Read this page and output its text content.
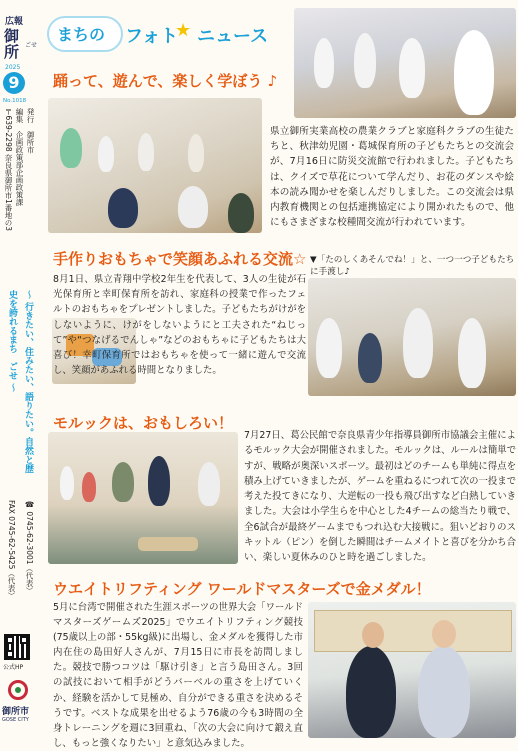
広報
御所 ごせ
2025
9
No.1018
発行 御所市
編集 企画政策部企画政策課
〒639-2298 奈良県御所市1番地の3
〜 行きたい、住みたい、語りたい。自然と歴史を誇れるまち　ごせ 〜
☎ 0745-62-3001（代表）
FAX 0745-62-5425（代表）
公式HP
御所市
GOSE CITY
まちの フォト
★ ニュース
踊って、遊んで、楽しく学ぼう ♪
県立御所実業高校の農業クラブと家庭科クラブの生徒たちと、秋津幼児園・葛城保育所の子どもたちとの交流会が、7月16日に防災交流館で行われました。子どもたちは、クイズで草花について学んだり、お花のダンスや絵本の読み聞かせを楽しんだりしました。この交流会は県内教育機関との包括連携協定により開かれたもので、他にもさまざまな校種間交流が行われています。
手作りおもちゃで笑顔あふれる交流☆ ▼「たのしくあそんでね！」と、一つ一つ子どもたちに手渡し♪
8月1日、県立青翔中学校2年生を代表して、3人の生徒が石光保育所と幸町保育所を訪れ、家庭科の授業で作ったフェルトのおもちゃをプレゼントしました。子どもたちがけがをしないように、けがをしないようにと工夫された“ねじって”や“つなげるでんしゃ”などのおもちゃに子どもたちは大喜び！幸町保育所ではおもちゃを使って一緒に遊んで交流し、笑顔があふれる時間となりました。
モルックは、おもしろい！
7月27日、葛公民館で奈良県青少年指導員御所市協議会主催によるモルック大会が開催されました。モルックは、ルールは簡単ですが、戦略が奥深いスポーツ。最初はどのチームも単純に得点を積み上げていきましたが、ゲームを重ねるにつれて次の一投まで考えた投てきになり、大逆転の一投も飛び出すなど白熱していきました。大会は小学生らを中心とした4チームの総当たり戦で、全6試合が最終ゲームまでもつれ込む大接戦に。狙いどおりのスキットル（ピン）を倒した瞬間はチームメイトと喜びを分かち合い、楽しい夏休みのひと時を過ごしました。
ウエイトリフティング ワールドマスターズで金メダル！
5月に台湾で開催された生涯スポーツの世界大会「ワールドマスターズゲームズ2025」でウエイトリフティング競技(75歳以上の部・55kg級)に出場し、金メダルを獲得した市内在住の島田好人さんが、7月15日に市長を訪問しました。競技で勝つコツは「駆け引き」と言う島田さん。3回の試技において相手がどうバーベルの重さを上げていくか、経験を活かして見極め、自分ができる重さを決めるそうです。ベストな成果を出せるよう76歳の今も3時間の全身トレーニングを週に3回重ね、「次の大会に向けて鍛え直し、もっと強くなりたい」と意気込みました。
